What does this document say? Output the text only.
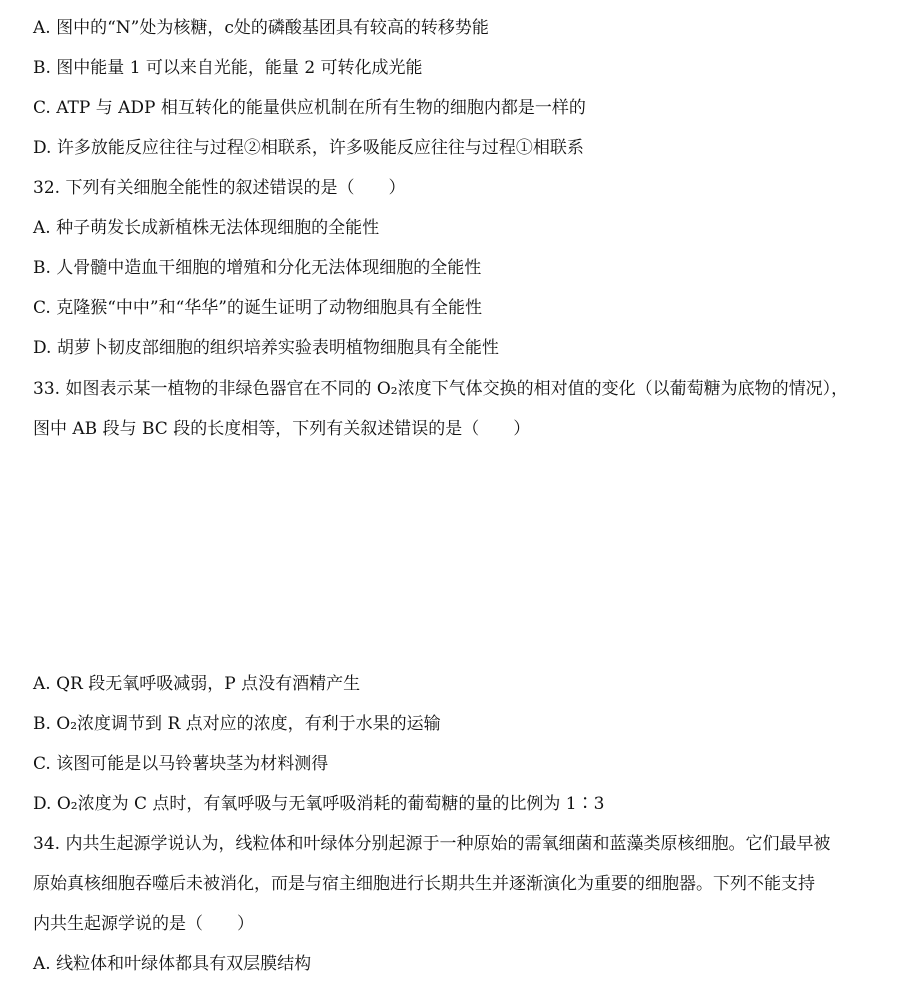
A. 图中的“N”处为核糖，c处的磷酸基团具有较高的转移势能
B. 图中能量 1 可以来自光能，能量 2 可转化成光能
C. ATP 与 ADP 相互转化的能量供应机制在所有生物的细胞内都是一样的
D. 许多放能反应往往与过程②相联系，许多吸能反应往往与过程①相联系
32. 下列有关细胞全能性的叙述错误的是（　　）
A. 种子萌发长成新植株无法体现细胞的全能性
B. 人骨髓中造血干细胞的增殖和分化无法体现细胞的全能性
C. 克隆猴“中中”和“华华”的诞生证明了动物细胞具有全能性
D. 胡萝卜韧皮部细胞的组织培养实验表明植物细胞具有全能性
33. 如图表示某一植物的非绿色器官在不同的 O₂浓度下气体交换的相对值的变化（以葡萄糖为底物的情况），
图中 AB 段与 BC 段的长度相等，下列有关叙述错误的是（　　）
A. QR 段无氧呼吸减弱，P 点没有酒精产生
B. O₂浓度调节到 R 点对应的浓度，有利于水果的运输
C. 该图可能是以马铃薯块茎为材料测得
D. O₂浓度为 C 点时，有氧呼吸与无氧呼吸消耗的葡萄糖的量的比例为 1∶3
34. 内共生起源学说认为，线粒体和叶绿体分别起源于一种原始的需氧细菌和蓝藻类原核细胞。它们最早被
原始真核细胞吞噬后未被消化，而是与宿主细胞进行长期共生并逐渐演化为重要的细胞器。下列不能支持
内共生起源学说的是（　　）
A. 线粒体和叶绿体都具有双层膜结构
